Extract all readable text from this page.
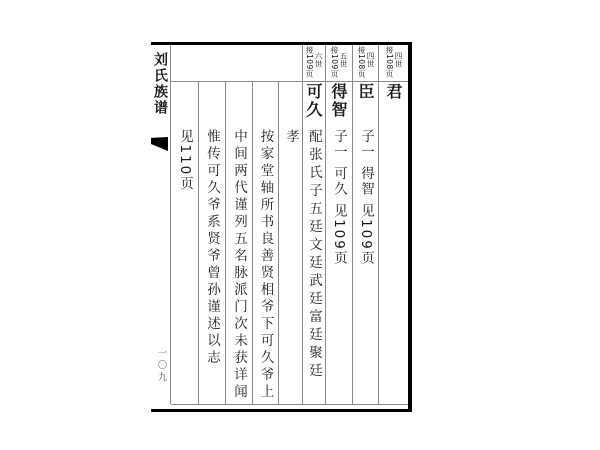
刘氏族谱
一〇九
四世
接108页
四世
接108页
五世
接109页
六世
接109页
君
臣
得智
可久
子一 得智 见109页
子一 可久 见109页
配张氏子五廷文廷武廷富廷聚廷
孝
按家堂轴所书良善贤相爷下可久爷上
中间两代谨列五名脉派门次未获详闻
惟传可久爷系贤爷曾孙谨述以志
见110页
